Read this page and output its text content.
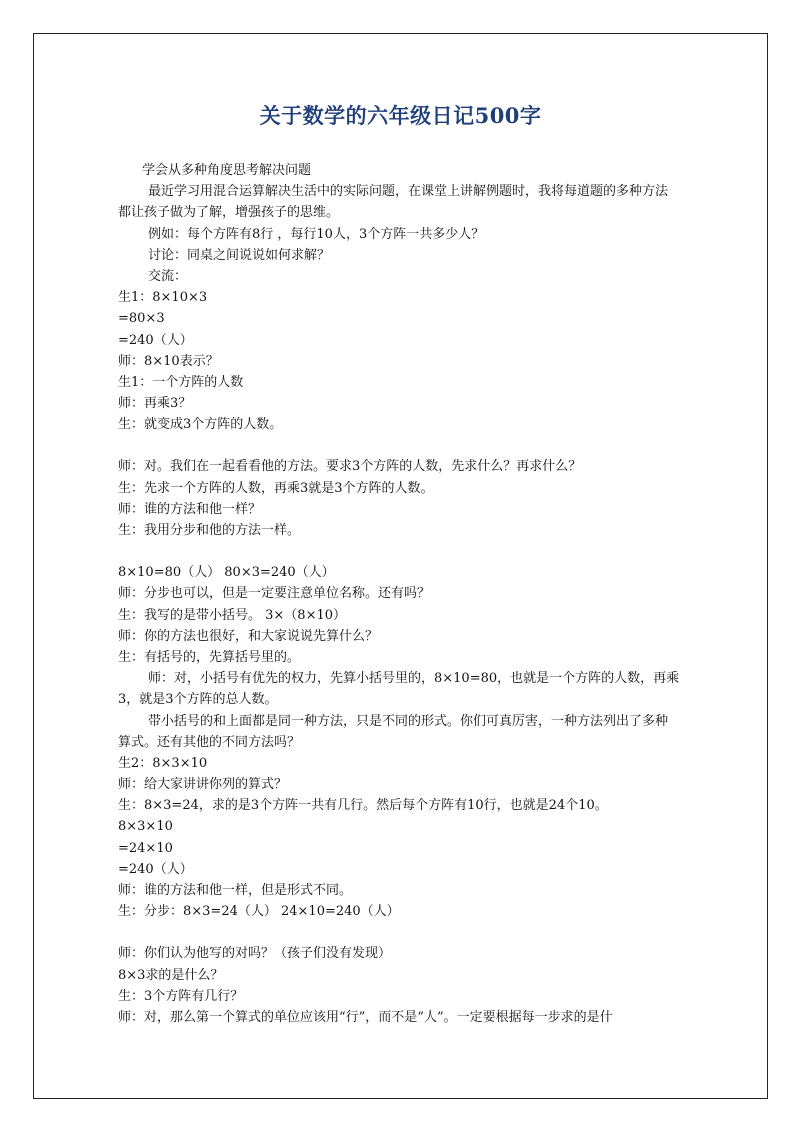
关于数学的六年级日记500字
学会从多种角度思考解决问题
最近学习用混合运算解决生活中的实际问题，在课堂上讲解例题时，我将每道题的多种方法
都让孩子做为了解，增强孩子的思维。
例如：每个方阵有8行 ，每行10人，3个方阵一共多少人？
讨论：同桌之间说说如何求解？
交流：
生1：8×10×3
=80×3
=240（人）
师：8×10表示？
生1：一个方阵的人数
师：再乘3？
生：就变成3个方阵的人数。
师：对。我们在一起看看他的方法。要求3个方阵的人数，先求什么？再求什么？
生：先求一个方阵的人数，再乘3就是3个方阵的人数。
师：谁的方法和他一样？
生：我用分步和他的方法一样。
8×10=80（人） 80×3=240（人）
师：分步也可以，但是一定要注意单位名称。还有吗？
生：我写的是带小括号。 3×（8×10）
师：你的方法也很好，和大家说说先算什么？
生：有括号的，先算括号里的。
师：对，小括号有优先的权力，先算小括号里的，8×10=80，也就是一个方阵的人数，再乘
3，就是3个方阵的总人数。
带小括号的和上面都是同一种方法，只是不同的形式。你们可真厉害，一种方法列出了多种
算式。还有其他的不同方法吗？
生2：8×3×10
师：给大家讲讲你列的算式？
生：8×3=24，求的是3个方阵一共有几行。然后每个方阵有10行，也就是24个10。
8×3×10
=24×10
=240（人）
师：谁的方法和他一样，但是形式不同。
生：分步：8×3=24（人） 24×10=240（人）
师：你们认为他写的对吗？（孩子们没有发现）
8×3求的是什么？
生：3个方阵有几行？
师：对，那么第一个算式的单位应该用“行”，而不是“人”。一定要根据每一步求的是什
